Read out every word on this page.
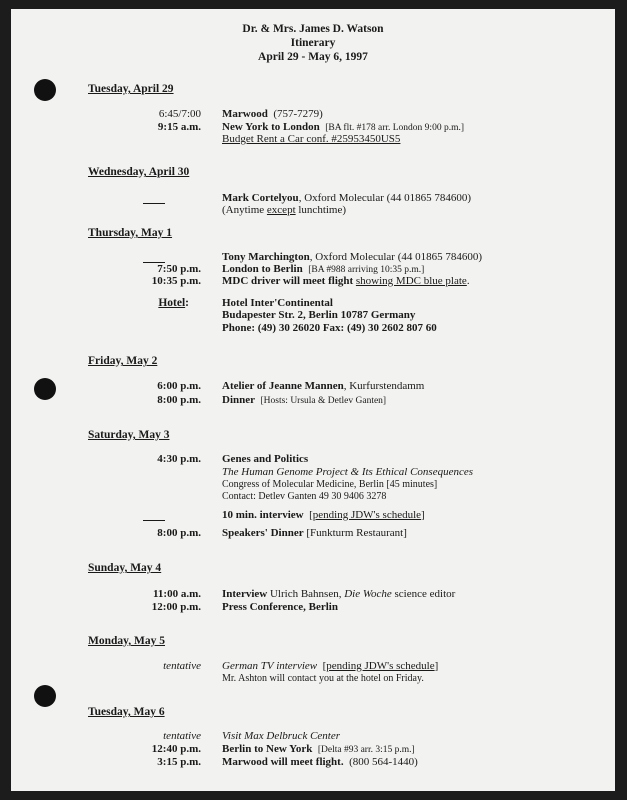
Dr. & Mrs. James D. Watson
Itinerary
April 29 - May 6, 1997
Tuesday, April 29
6:45/7:00 Marwood (757-7279)
9:15 a.m. New York to London [BA flt. #178 arr. London 9:00 p.m.]
Budget Rent a Car conf. #25953450US5
Wednesday, April 30
Mark Cortelyou, Oxford Molecular (44 01865 784600)
(Anytime except lunchtime)
Thursday, May 1
Tony Marchington, Oxford Molecular (44 01865 784600)
7:50 p.m. London to Berlin [BA #988 arriving 10:35 p.m.]
10:35 p.m. MDC driver will meet flight showing MDC blue plate.
Hotel:	Hotel Inter'Continental
Budapester Str. 2, Berlin 10787 Germany
Phone: (49) 30 26020 Fax: (49) 30 2602 807 60
Friday, May 2
6:00 p.m. Atelier of Jeanne Mannen, Kurfurstendamm
8:00 p.m. Dinner [Hosts: Ursula & Detlev Ganten]
Saturday, May 3
4:30 p.m. Genes and Politics
The Human Genome Project & Its Ethical Consequences
Congress of Molecular Medicine, Berlin [45 minutes]
Contact: Detlev Ganten 49 30 9406 3278
10 min. interview  [pending JDW's schedule]
8:00 p.m. Speakers' Dinner [Funkturm Restaurant]
Sunday, May 4
11:00 a.m. Interview Ulrich Bahnsen, Die Woche science editor
12:00 p.m. Press Conference, Berlin
Monday, May 5
tentative German TV interview  [pending JDW's schedule]
Mr. Ashton will contact you at the hotel on Friday.
Tuesday, May 6
tentative Visit Max Delbruck Center
12:40 p.m. Berlin to New York [Delta #93 arr. 3:15 p.m.]
3:15 p.m. Marwood will meet flight. (800 564-1440)
